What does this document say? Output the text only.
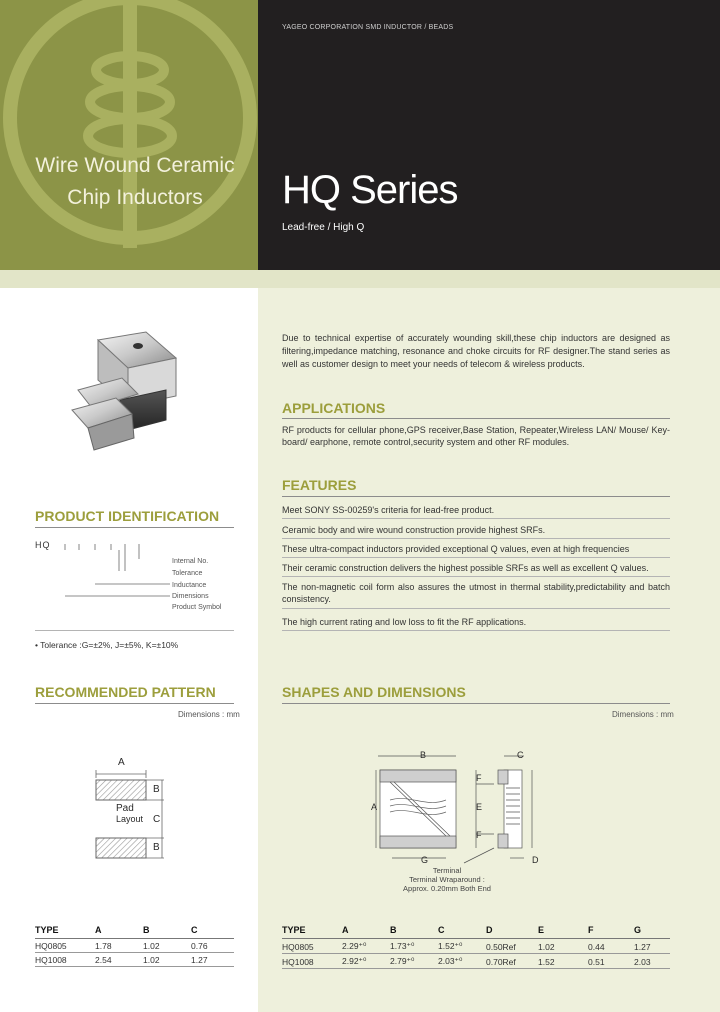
Wire Wound Ceramic
Chip Inductors
YAGEO CORPORATION SMD INDUCTOR / BEADS
HQ Series
Lead-free / High Q
Due to technical expertise of accurately wounding skill,these chip inductors are designed as filtering,impedance matching, resonance and choke circuits for RF designer.The stand series as well as customer design to meet your needs of telecom & wireless products.
APPLICATIONS
RF products for cellular phone,GPS receiver,Base Station, Repeater,Wireless LAN/ Mouse/ Key-board/ earphone, remote control,security system and other RF modules.
FEATURES
Meet SONY SS-00259's criteria for lead-free product.
Ceramic body and wire wound construction provide highest SRFs.
These ultra-compact inductors provided exceptional Q values, even at high frequencies
Their ceramic construction delivers the highest possible SRFs as well as excellent Q values.
The non-magnetic coil form also assures the utmost in thermal stability,predictability and batch consistency.
The high current rating and low loss to fit the RF applications.
PRODUCT IDENTIFICATION
HQ
Internal No.
Tolerance
Inductance
Dimensions
Product Symbol
• Tolerance :G=±2%, J=±5%, K=±10%
RECOMMENDED PATTERN
Dimensions : mm
A
B
C
B
Pad
Layout
TYPE	A	B	C
HQ0805	1.78	1.02	0.76
HQ1008	2.54	1.02	1.27
SHAPES AND DIMENSIONS
Dimensions : mm
B
A
C
F
E
F
G	D
Terminal
Terminal Wraparound :
Approx. 0.20mm Both End
TYPE	A	B	C	D	E	F	G
HQ0805	2.29⁺⁰	1.73⁺⁰	1.52⁺⁰	0.50Ref	1.02	0.44	1.27
HQ1008	2.92⁺⁰	2.79⁺⁰	2.03⁺⁰	0.70Ref	1.52	0.51	2.03
